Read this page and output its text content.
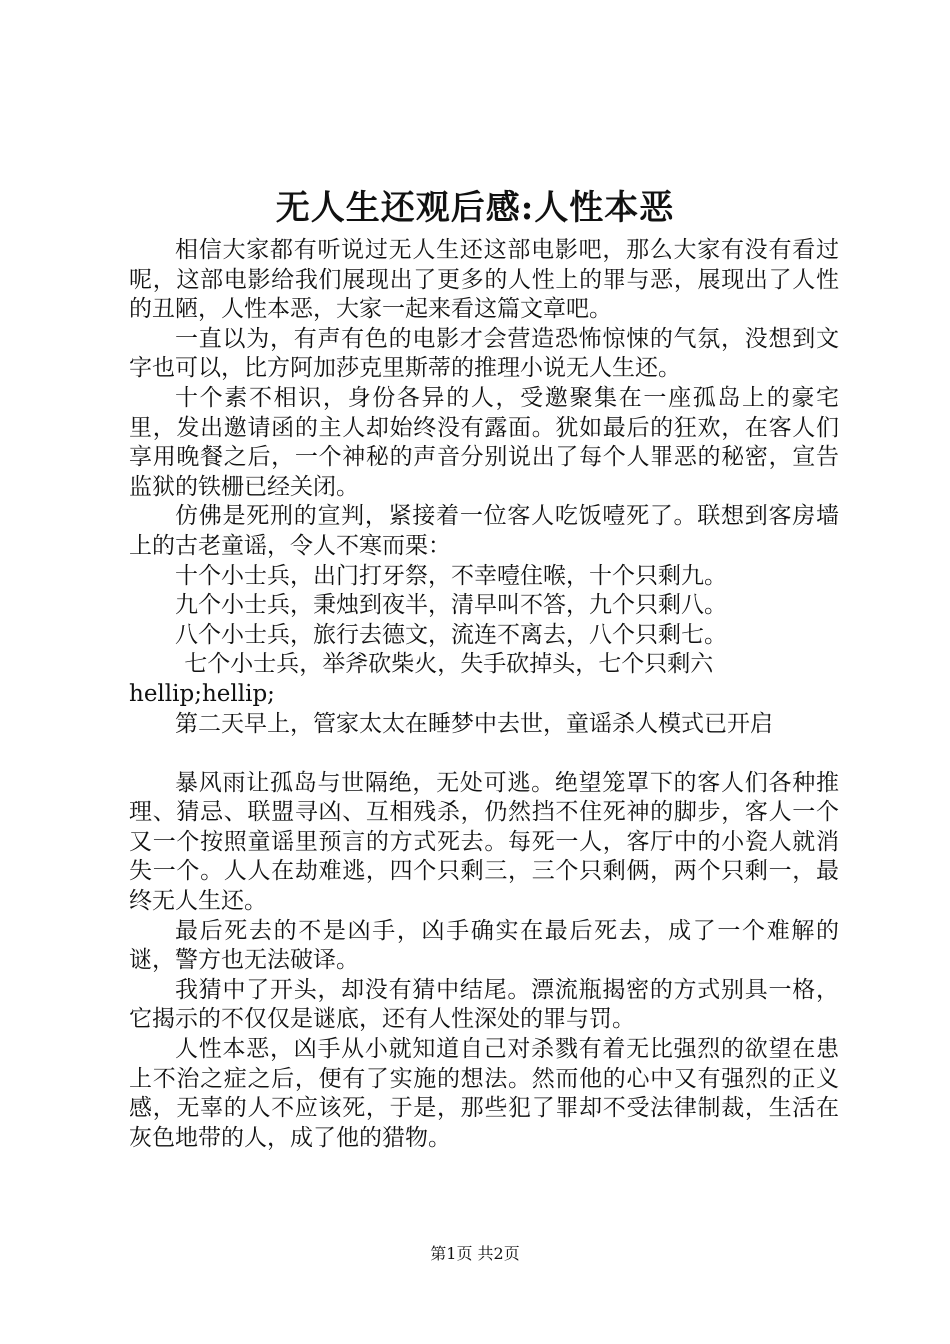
无人生还观后感:人性本恶

相信大家都有听说过无人生还这部电影吧，那么大家有没有看过呢，这部电影给我们展现出了更多的人性上的罪与恶，展现出了人性的丑陋，人性本恶，大家一起来看这篇文章吧。

一直以为，有声有色的电影才会营造恐怖惊悚的气氛，没想到文字也可以，比方阿加莎克里斯蒂的推理小说无人生还。

十个素不相识，身份各异的人，受邀聚集在一座孤岛上的豪宅里，发出邀请函的主人却始终没有露面。犹如最后的狂欢，在客人们享用晚餐之后，一个神秘的声音分别说出了每个人罪恶的秘密，宣告监狱的铁栅已经关闭。

仿佛是死刑的宣判，紧接着一位客人吃饭噎死了。联想到客房墙上的古老童谣，令人不寒而栗：

十个小士兵，出门打牙祭，不幸噎住喉，十个只剩九。

九个小士兵，秉烛到夜半，清早叫不答，九个只剩八。

八个小士兵，旅行去德文，流连不离去，八个只剩七。

七个小士兵，举斧砍柴火，失手砍掉头，七个只剩六hellip;hellip;

第二天早上，管家太太在睡梦中去世，童谣杀人模式已开启

暴风雨让孤岛与世隔绝，无处可逃。绝望笼罩下的客人们各种推理、猜忌、联盟寻凶、互相残杀，仍然挡不住死神的脚步，客人一个又一个按照童谣里预言的方式死去。每死一人，客厅中的小瓷人就消失一个。人人在劫难逃，四个只剩三，三个只剩俩，两个只剩一，最终无人生还。

最后死去的不是凶手，凶手确实在最后死去，成了一个难解的谜，警方也无法破译。

我猜中了开头，却没有猜中结尾。漂流瓶揭密的方式别具一格，它揭示的不仅仅是谜底，还有人性深处的罪与罚。

人性本恶，凶手从小就知道自己对杀戮有着无比强烈的欲望在患上不治之症之后，便有了实施的想法。然而他的心中又有强烈的正义感，无辜的人不应该死，于是，那些犯了罪却不受法律制裁，生活在灰色地带的人，成了他的猎物。

第1页 共2页
